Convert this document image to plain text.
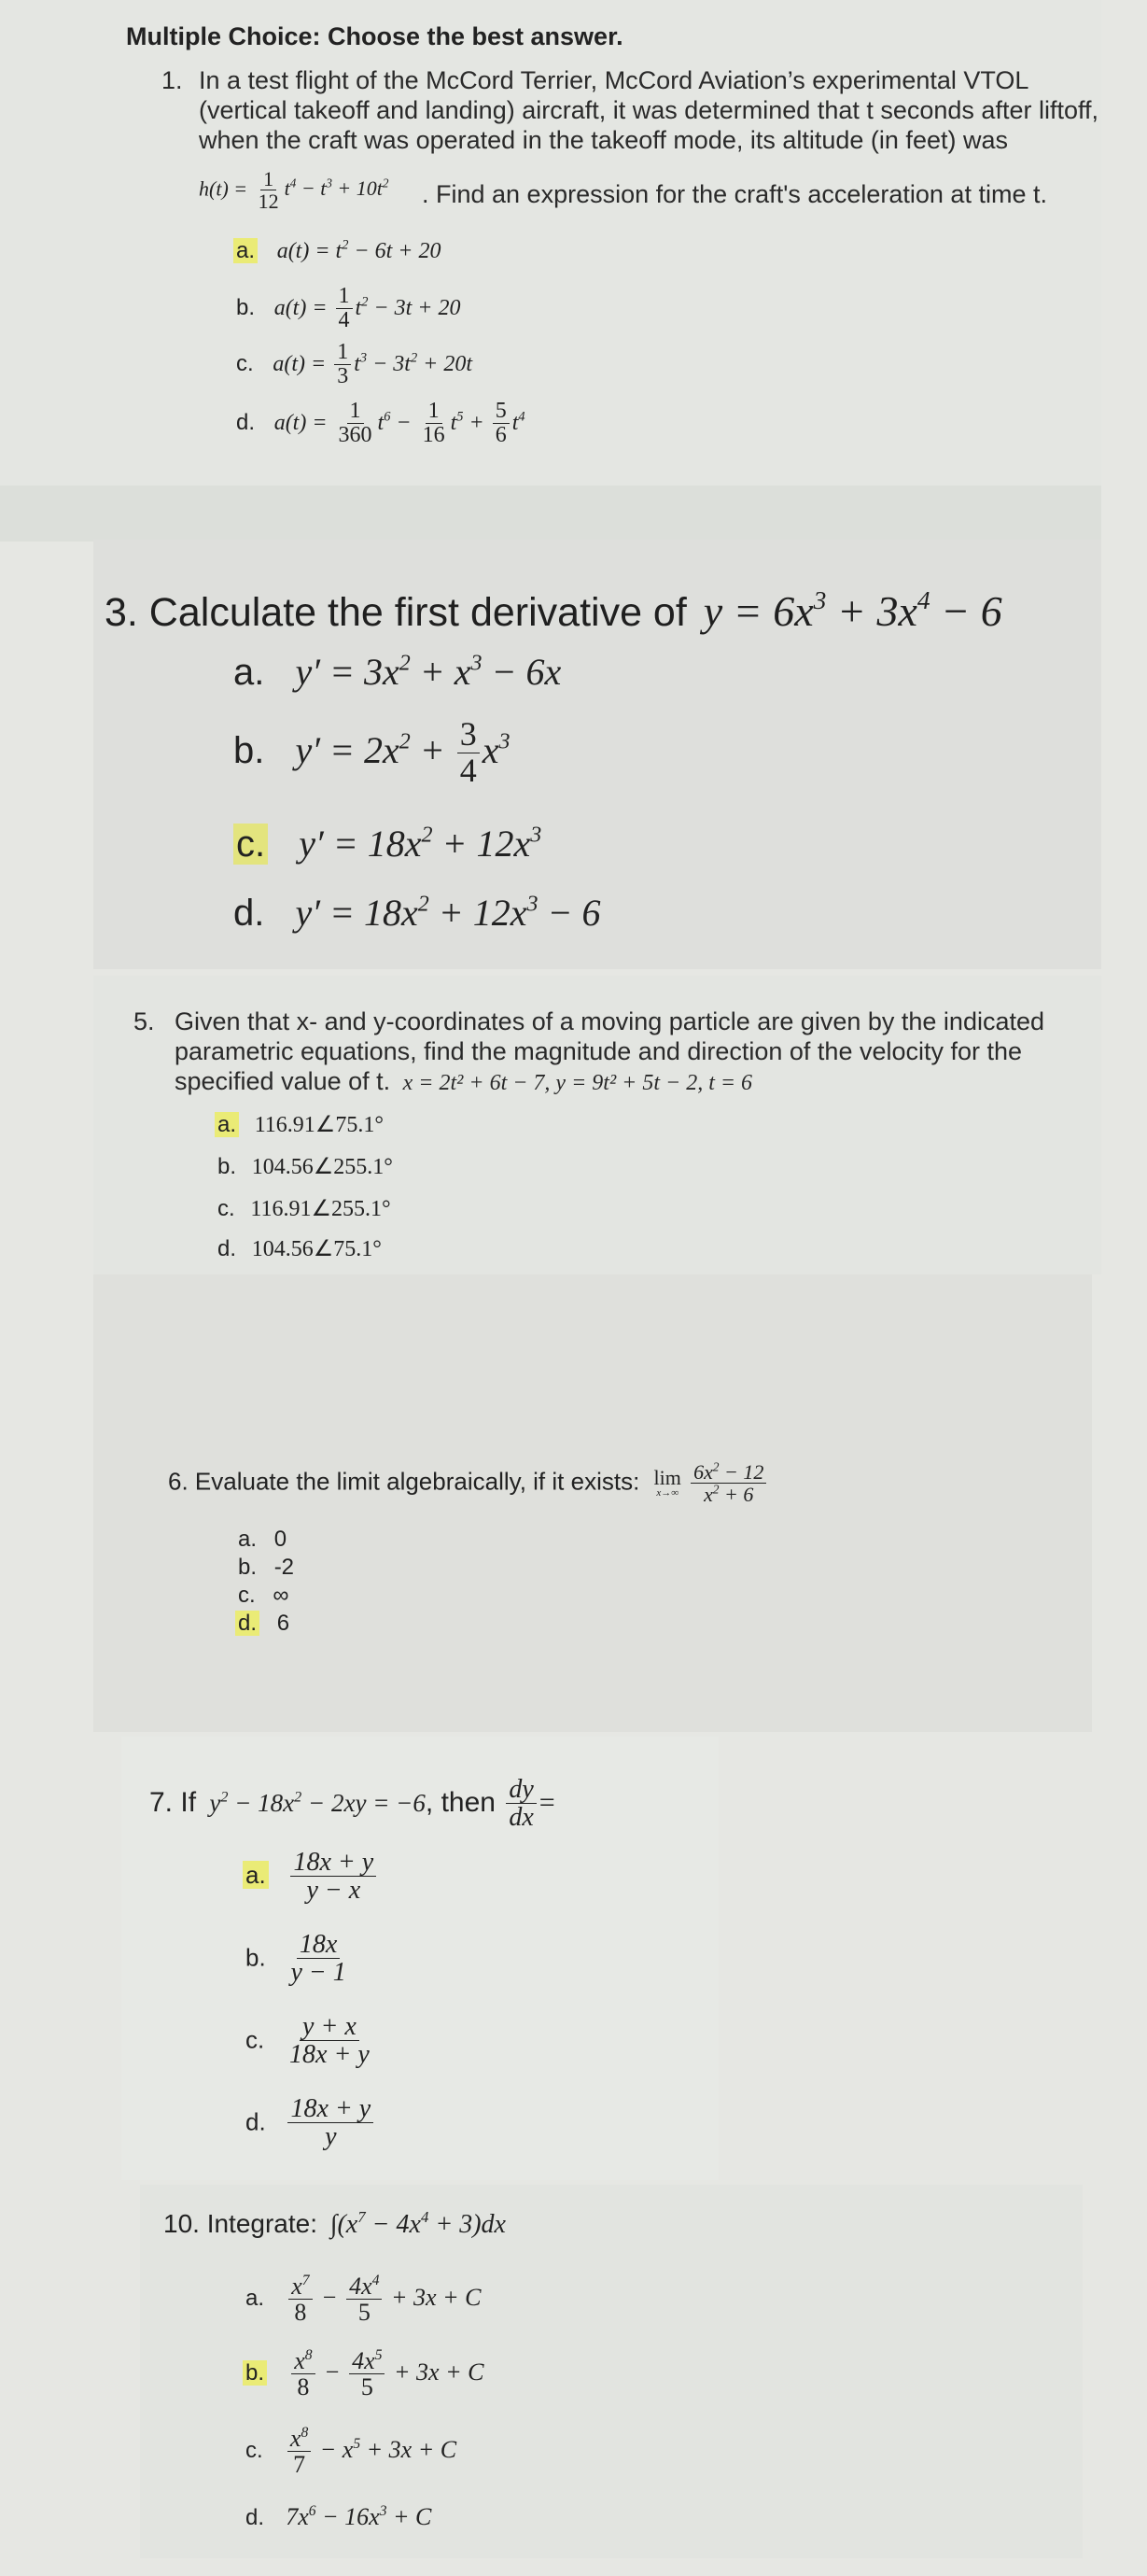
Multiple Choice: Choose the best answer.
1. In a test flight of the McCord Terrier, McCord Aviation’s experimental VTOL
(vertical takeoff and landing) aircraft, it was determined that t seconds after liftoff,
when the craft was operated in the takeoff mode, its altitude (in feet) was
$h(t) = \frac{1}{12} t^4 - t^3 + 10t^2$ . Find an expression for the craft's acceleration at time t.
a. $a(t) = t^2 - 6t + 20$
b. $a(t) = \frac{1}{4} t^2 - 3t + 20$
c. $a(t) = \frac{1}{3} t^3 - 3t^2 + 20t$
d. $a(t) = \frac{1}{360} t^6 - \frac{1}{16} t^5 + \frac{5}{6} t^4$
3. Calculate the first derivative of $y = 6x^3 + 3x^4 - 6$
a. $y' = 3x^2 + x^3 - 6x$
b. $y' = 2x^2 + \frac{3}{4} x^3$
c. $y' = 18x^2 + 12x^3$
d. $y' = 18x^2 + 12x^3 - 6$
5. Given that x- and y-coordinates of a moving particle are given by the indicated
parametric equations, find the magnitude and direction of the velocity for the
specified value of t. x = 2t² + 6t − 7, y = 9t² + 5t − 2, t = 6
a. 116.91∠75.1°
b. 104.56∠255.1°
c. 116.91∠255.1°
d. 104.56∠75.1°
6. Evaluate the limit algebraically, if it exists: lim
x→∞
$\frac{6x^2 - 12}{x^2 + 6}$
a. 0
b. -2
c. ∞
d. 6
7. If $y^2 - 18x^2 - 2xy = -6$, then $\frac{dy}{dx}$ =
a. $\frac{18x + y}{y - x}$
b. $\frac{18x}{y - 1}$
c. $\frac{y + x}{18x + y}$
d. $\frac{18x + y}{y}$
10. Integrate: $\int(x^7 - 4x^4 + 3)dx$
a. $\frac{x^7}{8} - \frac{4x^4}{5} + 3x + C$
b. $\frac{x^8}{8} - \frac{4x^5}{5} + 3x + C$
c. $\frac{x^8}{7} - x^5 + 3x + C$
d. $7x^6 - 16x^3 + C$
